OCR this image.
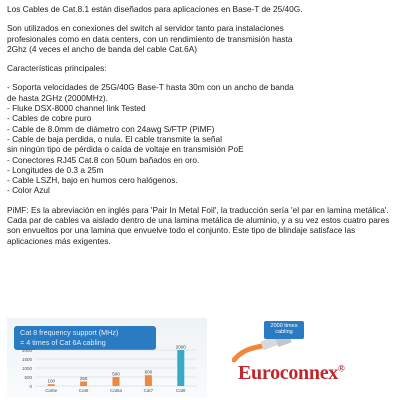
Los Cables de Cat.8.1 están diseñados para aplicaciones en Base-T de 25/40G.

Son utilizados en conexiones del switch al servidor tanto para instalaciones
profesionales como en data centers, con un rendimiento de transmisión hasta
2Ghz (4 veces el ancho de banda del cable Cat.6A)

Características principales:

- Soporta velocidades de 25G/40G Base-T hasta 30m con un ancho de banda
de hasta 2GHz (2000MHz).
- Fluke DSX-8000 channel link Tested
- Cables de cobre puro
- Cable de 8.0mm de diámetro con 24awg S/FTP (PiMF)
- Cable de baja perdida, o nula. El cable transmite la señal
sin ningún tipo de pérdida o caída de voltaje en transmisión PoE
- Conectores RJ45 Cat.8 con 50um bañados en oro.
- Longitudes de 0.3 a 25m
- Cable LSZH, bajo en humos cero halógenos.
- Color Azul

PiMF: Es la abreviación en inglés para 'Pair In Metal Foil', la traducción sería 'el par en lamina metálica'. Cada par de cables va aislado dentro de una lamina metálica de aluminio, y a su vez estos cuatro pares son envueltos por una lamina que envuelve todo el conjunto. Este tipo de blindaje satisface las aplicaciones más exigentes.

Cat 8 frequency support (MHz)
= 4 times of Cat 6A cabling
0
500
1000
1500
2000
100
Cat5e
250
Cat6
500
Cat6a
600
Cat7
2000
Cat8
2000 times cabling
Euroconnex®
